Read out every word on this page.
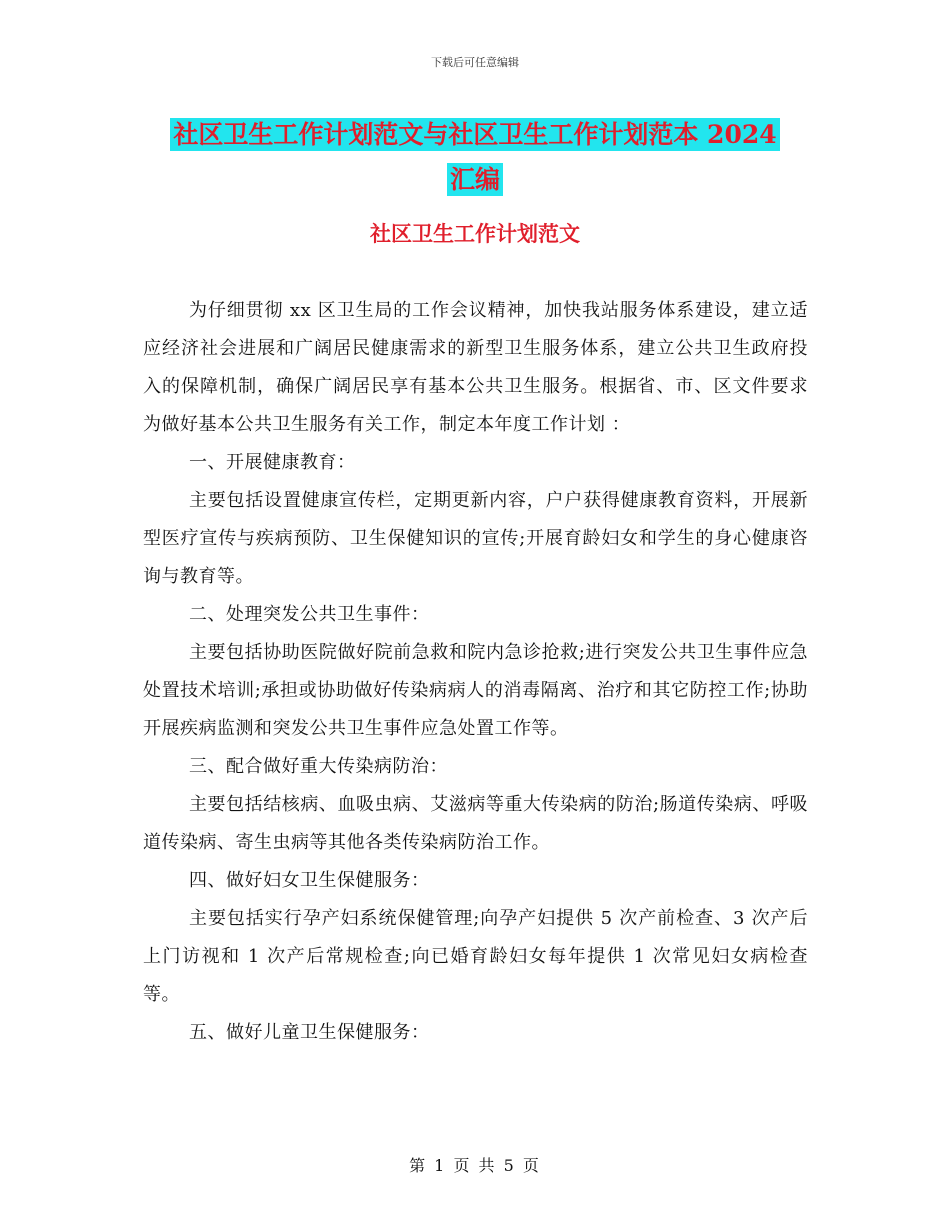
下载后可任意编辑
社区卫生工作计划范文与社区卫生工作计划范本 2024
汇编
社区卫生工作计划范文

为仔细贯彻 xx 区卫生局的工作会议精神，加快我站服务体系建设，建立适应经济社会进展和广阔居民健康需求的新型卫生服务体系，建立公共卫生政府投入的保障机制，确保广阔居民享有基本公共卫生服务。根据省、市、区文件要求为做好基本公共卫生服务有关工作，制定本年度工作计划 ：

一、开展健康教育：

主要包括设置健康宣传栏，定期更新内容，户户获得健康教育资料，开展新型医疗宣传与疾病预防、卫生保健知识的宣传;开展育龄妇女和学生的身心健康咨询与教育等。

二、处理突发公共卫生事件：

主要包括协助医院做好院前急救和院内急诊抢救;进行突发公共卫生事件应急处置技术培训;承担或协助做好传染病病人的消毒隔离、治疗和其它防控工作;协助开展疾病监测和突发公共卫生事件应急处置工作等。

三、配合做好重大传染病防治：

主要包括结核病、血吸虫病、艾滋病等重大传染病的防治;肠道传染病、呼吸道传染病、寄生虫病等其他各类传染病防治工作。

四、做好妇女卫生保健服务：

主要包括实行孕产妇系统保健管理;向孕产妇提供 5 次产前检查、3 次产后上门访视和 1 次产后常规检查;向已婚育龄妇女每年提供 1 次常见妇女病检查等。

五、做好儿童卫生保健服务：

第 1 页 共 5 页
